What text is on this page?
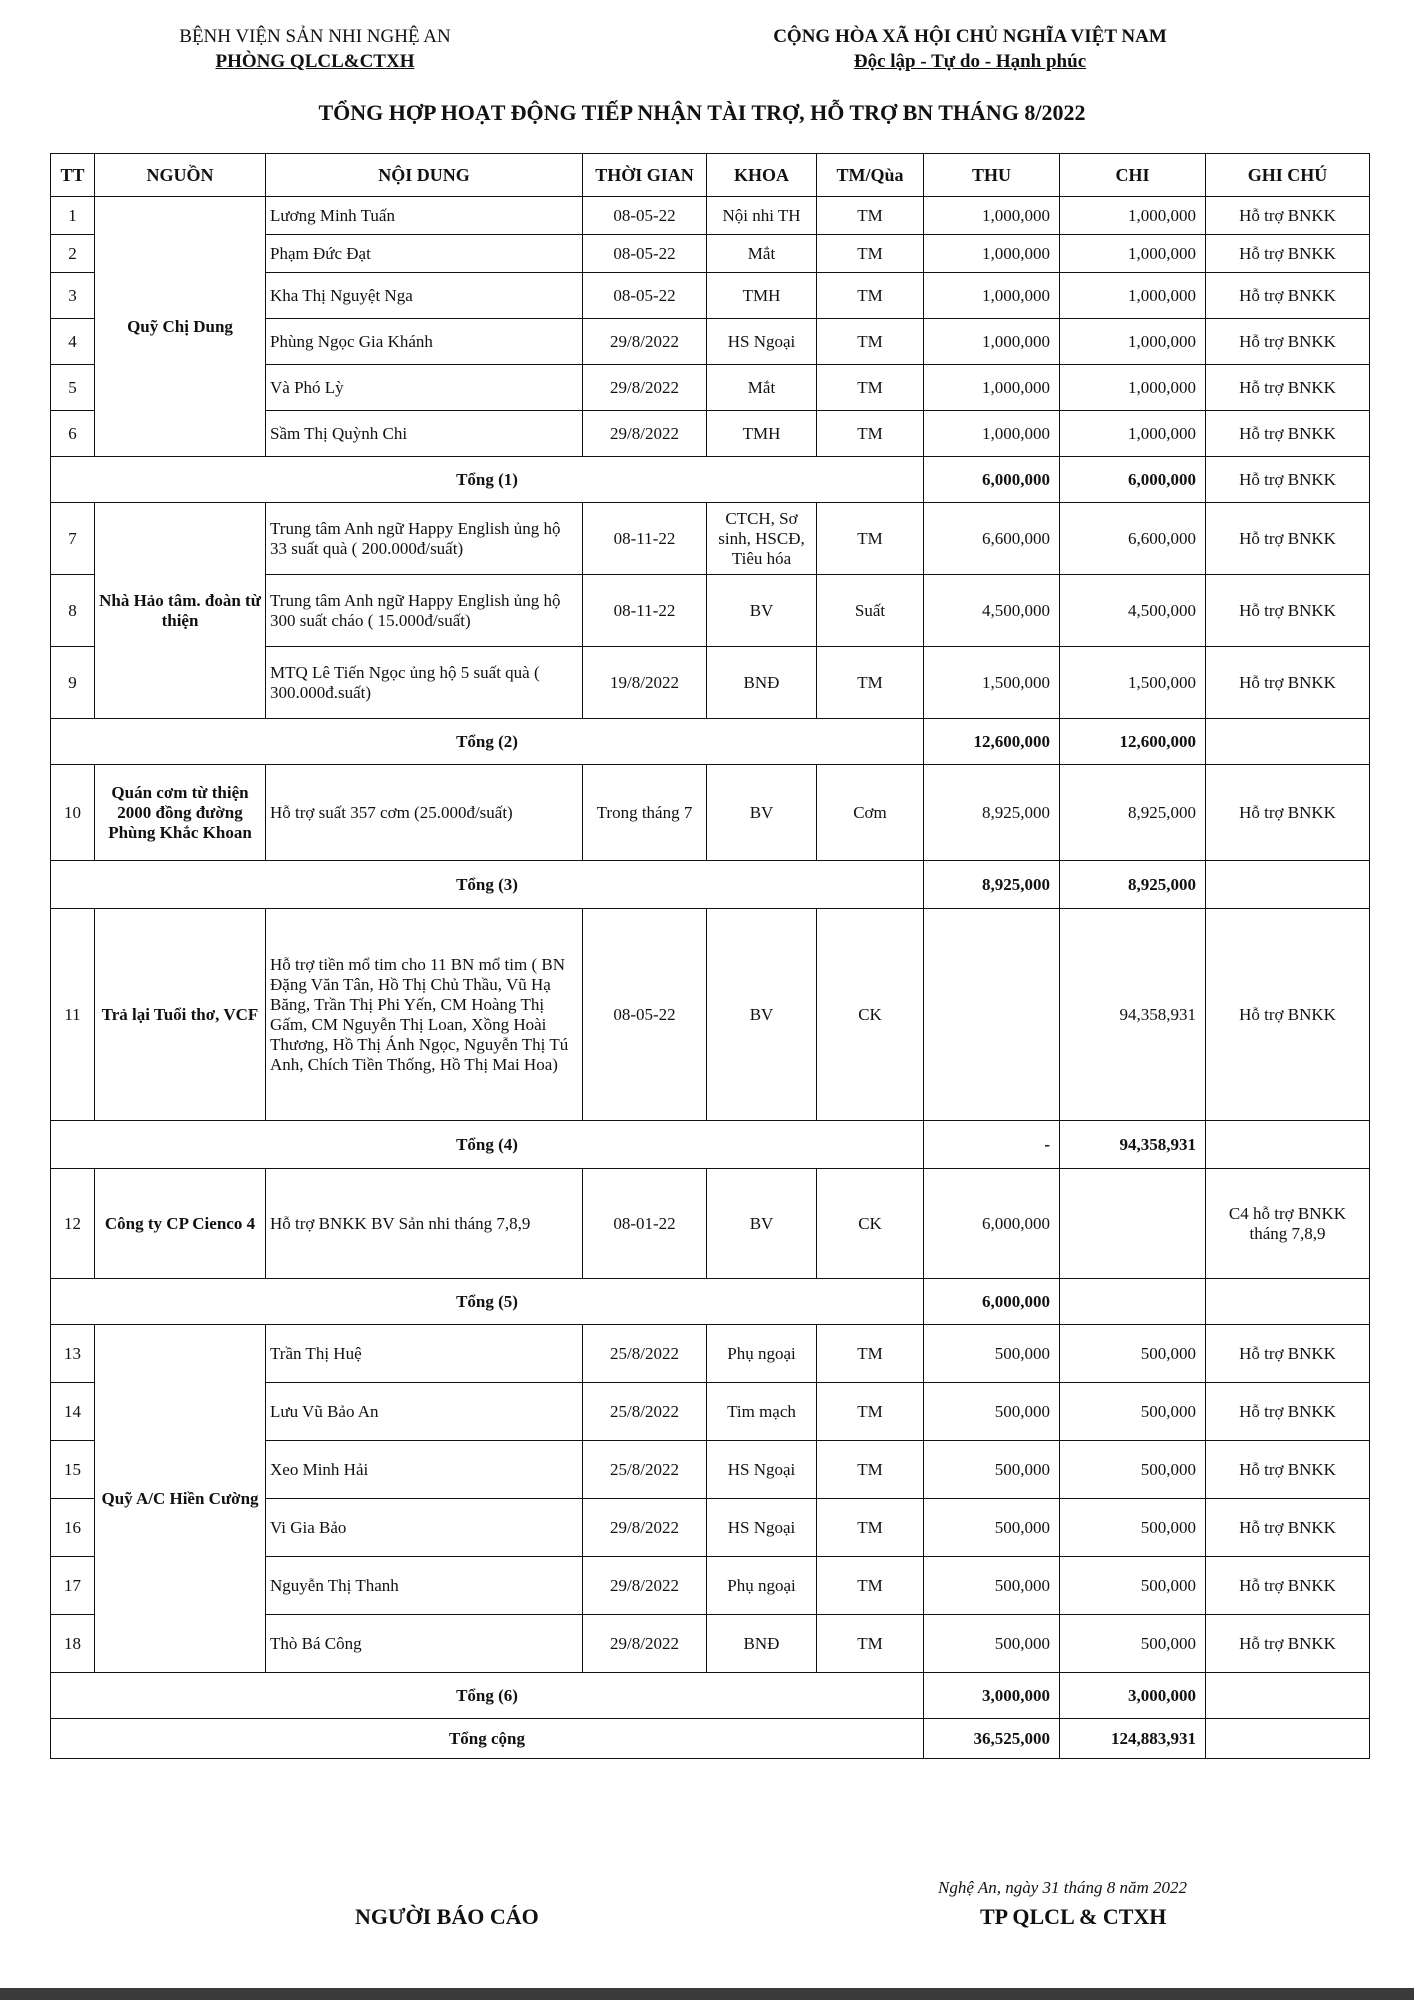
BỆNH VIỆN SẢN NHI NGHỆ AN
PHÒNG QLCL&CTXH
CỘNG HÒA XÃ HỘI CHỦ NGHĨA VIỆT NAM
Độc lập - Tự do - Hạnh phúc
TỔNG HỢP HOẠT ĐỘNG TIẾP NHẬN TÀI TRỢ, HỖ TRỢ BN THÁNG 8/2022
TT	NGUỒN	NỘI DUNG	THỜI GIAN	KHOA	TM/Qùa	THU	CHI	GHI CHÚ
1	Quỹ Chị Dung	Lương Minh Tuấn	08-05-22	Nội nhi TH	TM	1,000,000	1,000,000	Hỗ trợ BNKK
2		Phạm Đức Đạt	08-05-22	Mắt	TM	1,000,000	1,000,000	Hỗ trợ BNKK
3		Kha Thị Nguyệt Nga	08-05-22	TMH	TM	1,000,000	1,000,000	Hỗ trợ BNKK
4		Phùng Ngọc Gia Khánh	29/8/2022	HS Ngoại	TM	1,000,000	1,000,000	Hỗ trợ BNKK
5		Và Phó Lỳ	29/8/2022	Mắt	TM	1,000,000	1,000,000	Hỗ trợ BNKK
6		Sầm Thị Quỳnh Chi	29/8/2022	TMH	TM	1,000,000	1,000,000	Hỗ trợ BNKK
Tổng (1)						6,000,000	6,000,000	Hỗ trợ BNKK
7	Nhà Hảo tâm. đoàn từ thiện	Trung tâm Anh ngữ Happy English ủng hộ 33 suất quà ( 200.000đ/suất)	08-11-22	CTCH, Sơ sinh, HSCĐ, Tiêu hóa	TM	6,600,000	6,600,000	Hỗ trợ BNKK
8		Trung tâm Anh ngữ Happy English ủng hộ 300 suất cháo ( 15.000đ/suất)	08-11-22	BV	Suất	4,500,000	4,500,000	Hỗ trợ BNKK
9		MTQ Lê Tiến Ngọc ủng hộ 5 suất quà ( 300.000đ.suất)	19/8/2022	BNĐ	TM	1,500,000	1,500,000	Hỗ trợ BNKK
Tổng (2)						12,600,000	12,600,000	
10	Quán cơm từ thiện 2000 đồng đường Phùng Khắc Khoan	Hỗ trợ suất 357 cơm (25.000đ/suất)	Trong tháng 7	BV	Cơm	8,925,000	8,925,000	Hỗ trợ BNKK
Tổng (3)						8,925,000	8,925,000	
11	Trả lại Tuổi thơ, VCF	Hỗ trợ tiền mổ tim cho 11 BN mổ tim ( BN Đặng Văn Tân, Hồ Thị Chủ Thầu, Vũ Hạ Băng, Trần Thị Phi Yến, CM Hoàng Thị Gấm, CM Nguyễn Thị Loan, Xồng Hoài Thương, Hồ Thị Ánh Ngọc, Nguyễn Thị Tú Anh, Chích Tiền Thống, Hồ Thị Mai Hoa)	08-05-22	BV	CK		94,358,931	Hỗ trợ BNKK
Tổng (4)						-	94,358,931	
12	Công ty CP Cienco 4	Hỗ trợ BNKK BV Sản nhi tháng 7,8,9	08-01-22	BV	CK	6,000,000		C4 hỗ trợ BNKK tháng 7,8,9
Tổng (5)						6,000,000		
13	Quỹ A/C Hiền Cường	Trần Thị Huệ	25/8/2022	Phụ ngoại	TM	500,000	500,000	Hỗ trợ BNKK
14		Lưu Vũ Bảo An	25/8/2022	Tim mạch	TM	500,000	500,000	Hỗ trợ BNKK
15		Xeo Minh Hải	25/8/2022	HS Ngoại	TM	500,000	500,000	Hỗ trợ BNKK
16		Vi Gia Bảo	29/8/2022	HS Ngoại	TM	500,000	500,000	Hỗ trợ BNKK
17		Nguyễn Thị Thanh	29/8/2022	Phụ ngoại	TM	500,000	500,000	Hỗ trợ BNKK
18		Thò Bá Công	29/8/2022	BNĐ	TM	500,000	500,000	Hỗ trợ BNKK
Tổng (6)						3,000,000	3,000,000	
Tổng cộng						36,525,000	124,883,931	
Nghệ An, ngày 31 tháng 8 năm 2022
NGƯỜI BÁO CÁO	TP QLCL & CTXH
